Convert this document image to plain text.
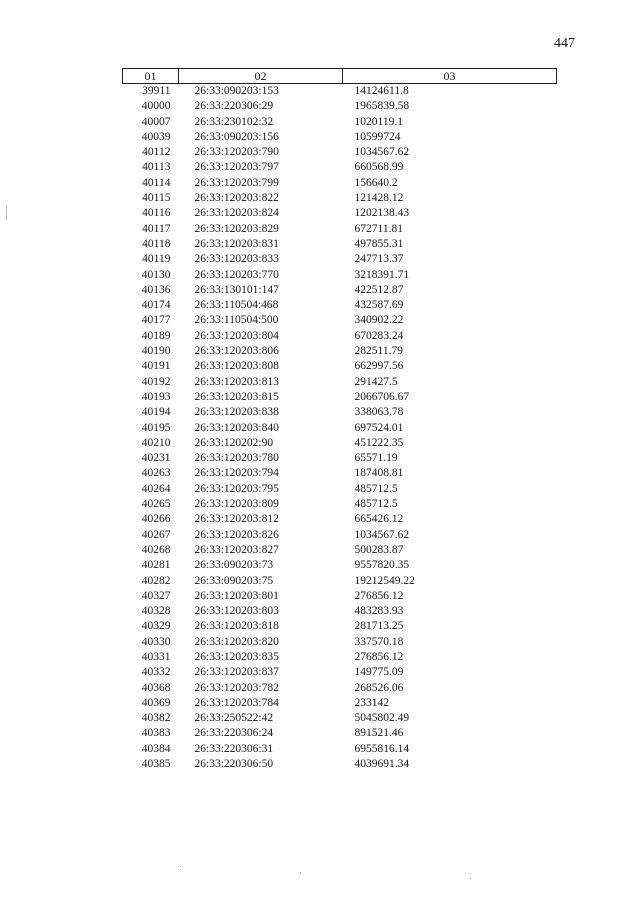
447
01	02	03
39911	26:33:090203:153	14124611.8
40000	26:33:220306:29	1965839.58
40007	26:33:230102:32	1020119.1
40039	26:33:090203:156	10599724
40112	26:33:120203:790	1034567.62
40113	26:33:120203:797	660568.99
40114	26:33:120203:799	156640.2
40115	26:33:120203:822	121428.12
40116	26:33:120203:824	1202138.43
40117	26:33:120203:829	672711.81
40118	26:33:120203:831	497855.31
40119	26:33:120203:833	247713.37
40130	26:33:120203:770	3218391.71
40136	26:33:130101:147	422512.87
40174	26:33:110504:468	432587.69
40177	26:33:110504:500	340902.22
40189	26:33:120203:804	670283.24
40190	26:33:120203:806	282511.79
40191	26:33:120203:808	662997.56
40192	26:33:120203:813	291427.5
40193	26:33:120203:815	2066706.67
40194	26:33:120203:838	338063.78
40195	26:33:120203:840	697524.01
40210	26:33:120202:90	451222.35
40231	26:33:120203:780	65571.19
40263	26:33:120203:794	187408.81
40264	26:33:120203:795	485712.5
40265	26:33:120203:809	485712.5
40266	26:33:120203:812	665426.12
40267	26:33:120203:826	1034567.62
40268	26:33:120203:827	500283.87
40281	26:33:090203:73	9557820.35
40282	26:33:090203:75	19212549.22
40327	26:33:120203:801	276856.12
40328	26:33:120203:803	483283.93
40329	26:33:120203:818	281713.25
40330	26:33:120203:820	337570.18
40331	26:33:120203:835	276856.12
40332	26:33:120203:837	149775.09
40368	26:33:120203:782	268526.06
40369	26:33:120203:784	233142
40382	26:33:250522:42	5045802.49
40383	26:33:220306:24	891521.46
40384	26:33:220306:31	6955816.14
40385	26:33:220306:50	4039691.34
